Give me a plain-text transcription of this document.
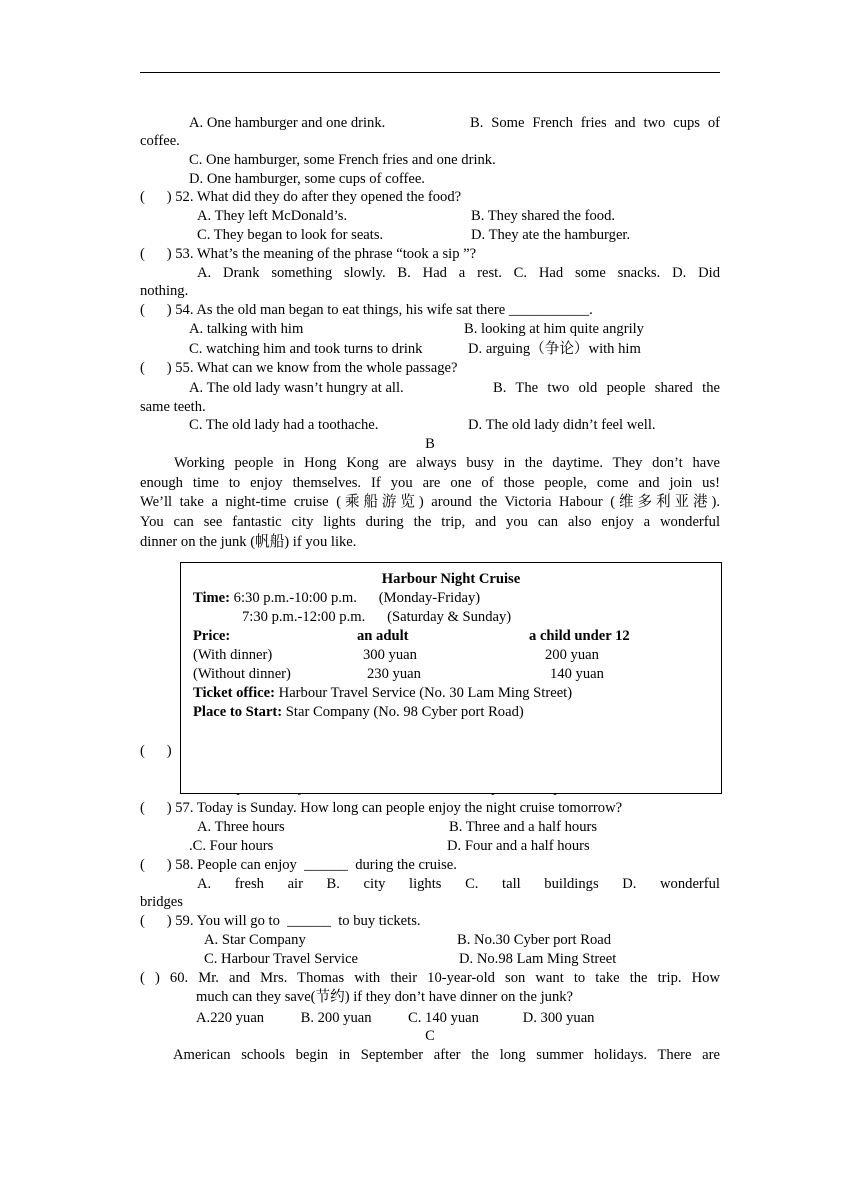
A. One hamburger and one drink.	B. Some French fries and two cups of
coffee.
C. One hamburger, some French fries and one drink.
D. One hamburger, some cups of coffee.
(      ) 52. What did they do after they opened the food?
A. They left McDonald’s.	B. They shared the food.
C. They began to look for seats.	D. They ate the hamburger.
(      ) 53. What’s the meaning of the phrase “took a sip ”?
A. Drank something slowly. B. Had a rest. C. Had some snacks. D. Did
nothing.
(      ) 54. As the old man began to eat things, his wife sat there ___________.
A. talking with him	B. looking at him quite angrily
C. watching him and took turns to drink	D. arguing（争论）with him
(      ) 55. What can we know from the whole passage?
A. The old lady wasn’t hungry at all.	B. The two old people shared the
same teeth.
C. The old lady had a toothache.	D. The old lady didn’t feel well.
B
Working people in Hong Kong are always busy in the daytime. They don’t have
enough time to enjoy themselves. If you are one of those people, come and join us!
We’ll take a night-time cruise (乘船游览) around the Victoria Habour (维多利亚港).
You can see fantastic city lights during the trip, and you can also enjoy a wonderful
dinner on the junk (帆船) if you like.
(      )
Harbour Night Cruise
Time: 6:30 p.m.-10:00 p.m.      (Monday-Friday)
7:30 p.m.-12:00 p.m.      (Saturday & Sunday)
Price:	an adult	a child under 12
(With dinner)	300 yuan	200 yuan
(Without dinner)	230 yuan	140 yuan
Ticket office: Harbour Travel Service (No. 30 Lam Ming Street)
Place to Start: Star Company (No. 98 Cyber port Road)
(      ) 57. Today is Sunday. How long can people enjoy the night cruise tomorrow?
A. Three hours	B. Three and a half hours
.C. Four hours	D. Four and a half hours
(      ) 58. People can enjoy  ______  during the cruise.
A. fresh air B. city lights C. tall buildings D. wonderful
bridges
(      ) 59. You will go to  ______  to buy tickets.
A. Star Company	B. No.30 Cyber port Road
C. Harbour Travel Service	D. No.98 Lam Ming Street
( ) 60. Mr. and Mrs. Thomas with their 10-year-old son want to take the trip. How
much can they save(节约) if they don’t have dinner on the junk?
A.220 yuan          B. 200 yuan          C. 140 yuan            D. 300 yuan
C
American schools begin in September after the long summer holidays. There are
